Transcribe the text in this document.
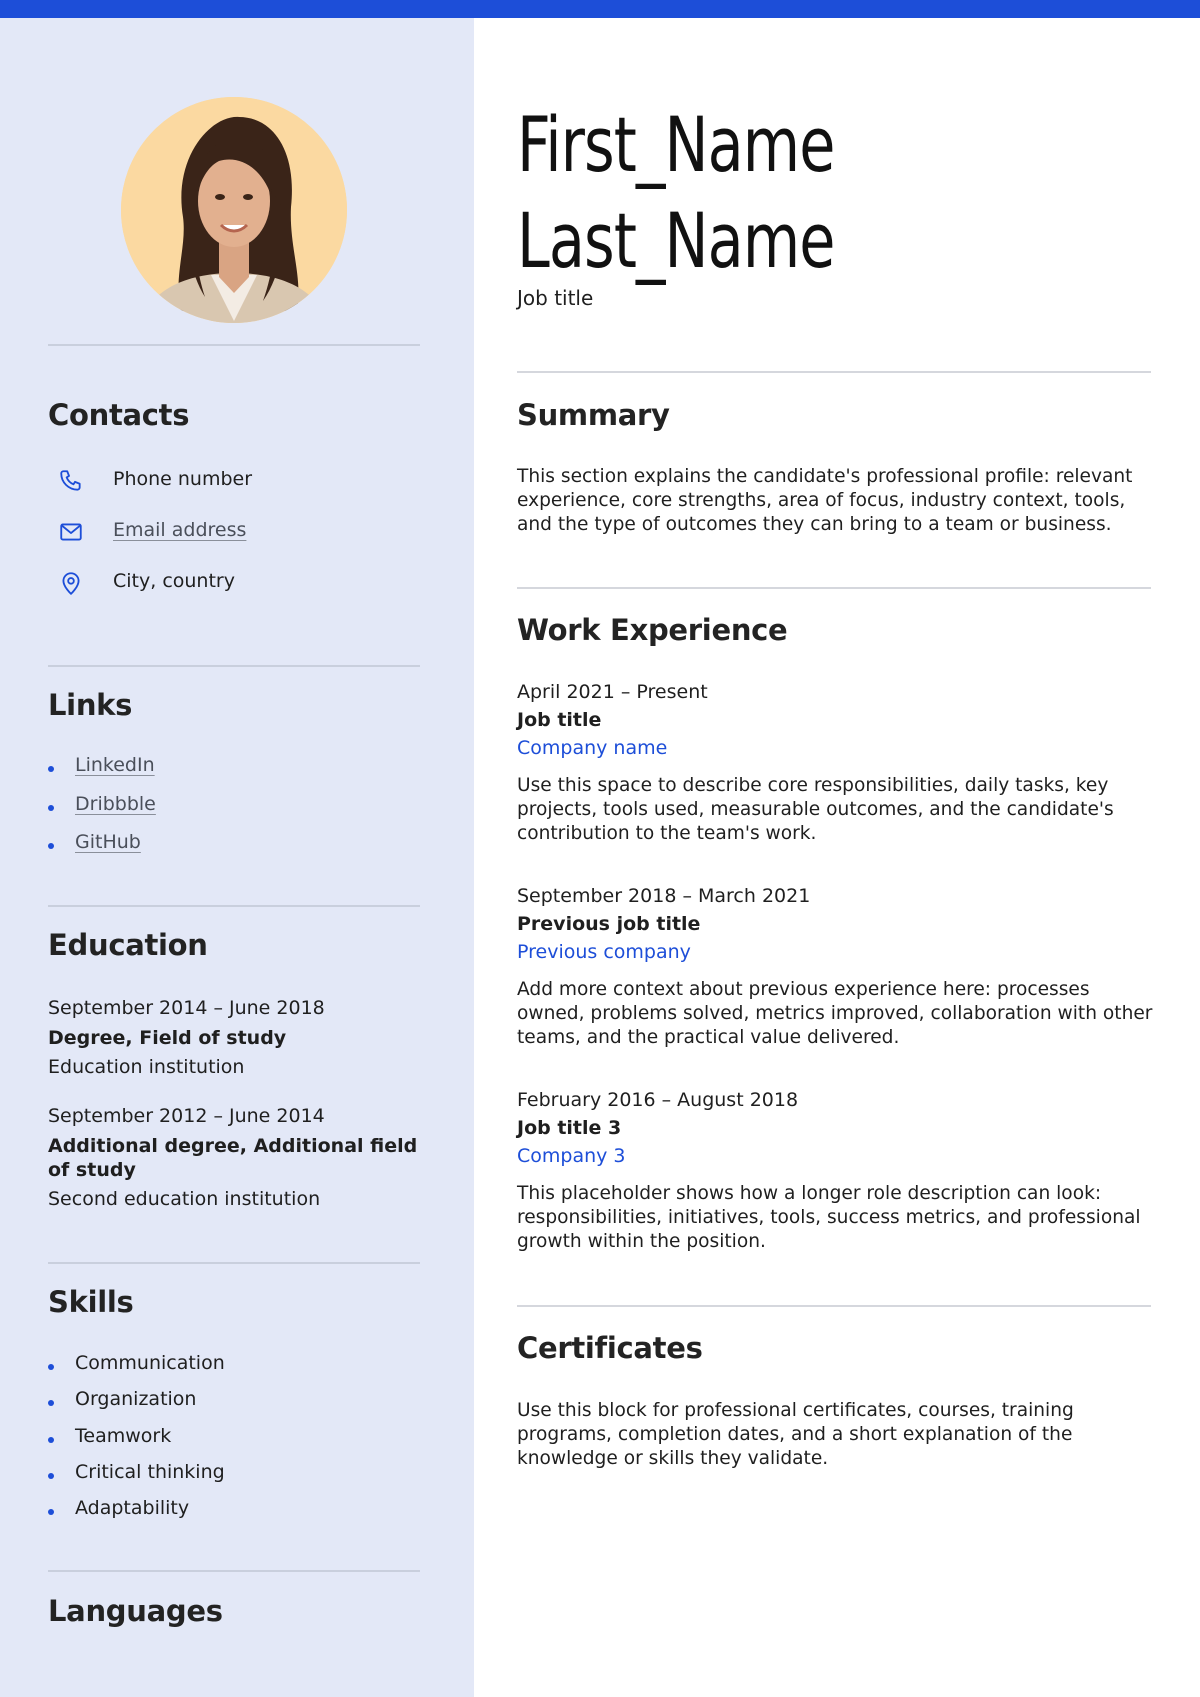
Contacts
Phone number
Email address
City, country
Links
LinkedIn
Dribbble
GitHub
Education
September 2014 – June 2018
Degree, Field of study
Education institution
September 2012 – June 2014
Additional degree, Additional field of study
Second education institution
Skills
Communication
Organization
Teamwork
Critical thinking
Adaptability
Languages
First_Name
Last_Name
Job title
Summary

This section explains the candidate's professional profile: relevant experience, core strengths, area of focus, industry context, tools, and the type of outcomes they can bring to a team or business.

Work Experience
April 2021 – Present
Job title
Company name
Use this space to describe core responsibilities, daily tasks, key projects, tools used, measurable outcomes, and the candidate's contribution to the team's work.
September 2018 – March 2021
Previous job title
Previous company
Add more context about previous experience here: processes owned, problems solved, metrics improved, collaboration with other teams, and the practical value delivered.
February 2016 – August 2018
Job title 3
Company 3
This placeholder shows how a longer role description can look: responsibilities, initiatives, tools, success metrics, and professional growth within the position.
Certificates

Use this block for professional certificates, courses, training programs, completion dates, and a short explanation of the knowledge or skills they validate.
